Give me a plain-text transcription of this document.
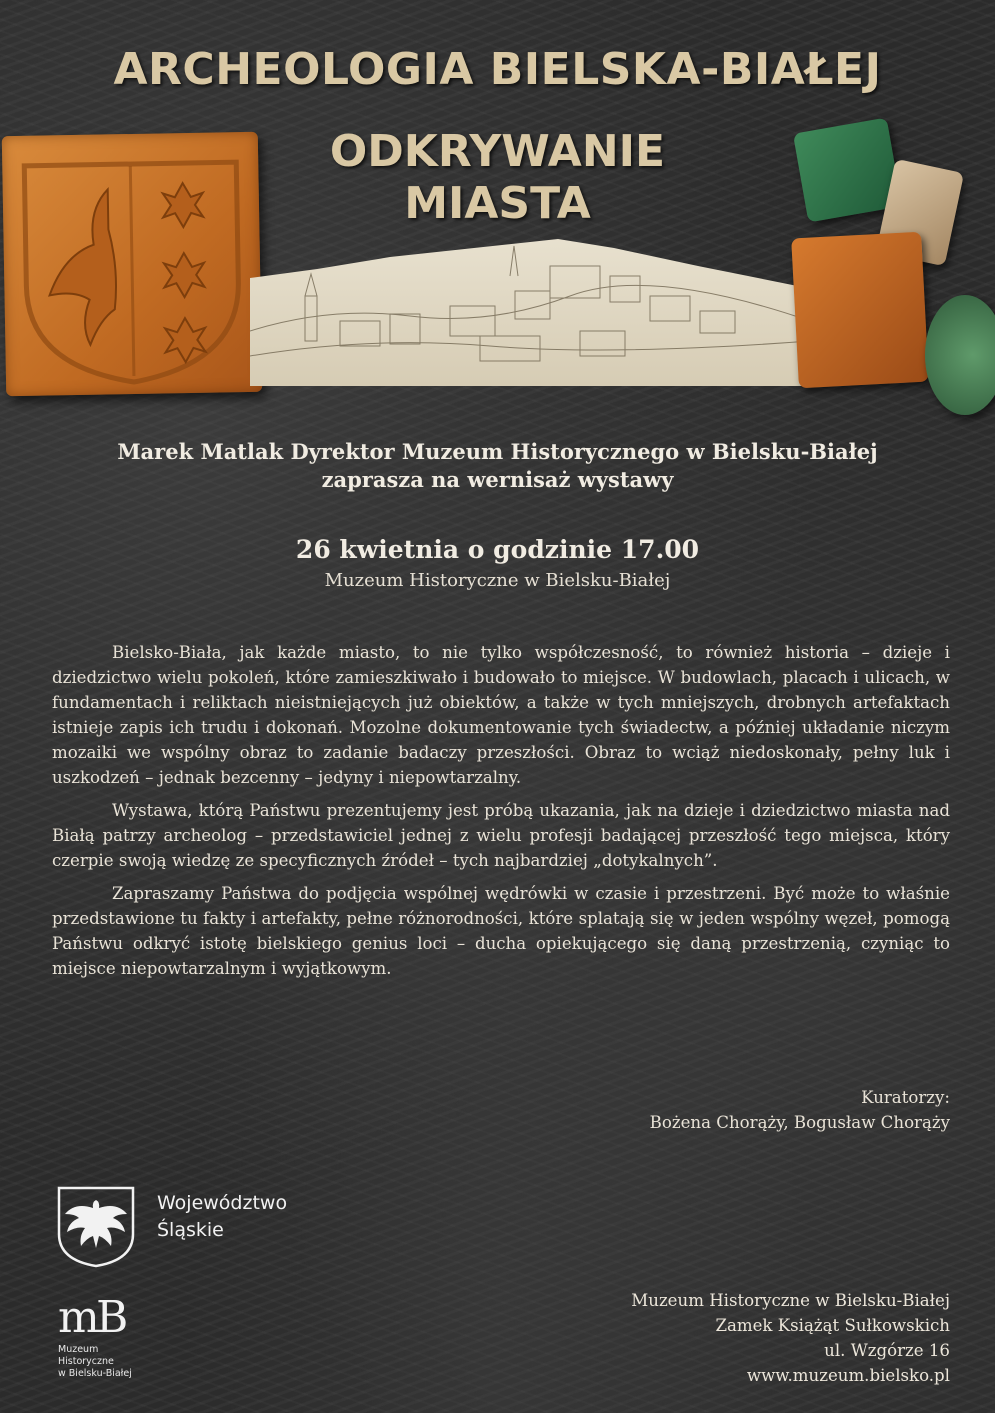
ARCHEOLOGIA BIELSKA-BIAŁEJ
ODKRYWANIE
MIASTA
Marek Matlak Dyrektor Muzeum Historycznego w Bielsku-Białej
zaprasza na wernisaż wystawy
26 kwietnia o godzinie 17.00
Muzeum Historyczne w Bielsku-Białej

Bielsko-Biała, jak każde miasto, to nie tylko współczesność, to również historia – dzieje i dziedzictwo wielu pokoleń, które zamieszkiwało i budowało to miejsce. W budowlach, placach i ulicach, w fundamentach i reliktach nieistniejących już obiektów, a także w tych mniejszych, drobnych artefaktach istnieje zapis ich trudu i dokonań. Mozolne dokumentowanie tych świadectw, a później układanie niczym mozaiki we wspólny obraz to zadanie badaczy przeszłości. Obraz to wciąż niedoskonały, pełny luk i uszkodzeń – jednak bezcenny – jedyny i niepowtarzalny.

Wystawa, którą Państwu prezentujemy jest próbą ukazania, jak na dzieje i dziedzictwo miasta nad Białą patrzy archeolog – przedstawiciel jednej z wielu profesji badającej przeszłość tego miejsca, który czerpie swoją wiedzę ze specyficznych źródeł – tych najbardziej „dotykalnych”.

Zapraszamy Państwa do podjęcia wspólnej wędrówki w czasie i przestrzeni. Być może to właśnie przedstawione tu fakty i artefakty, pełne różnorodności, które splatają się w jeden wspólny węzeł, pomogą Państwu odkryć istotę bielskiego genius loci – ducha opiekującego się daną przestrzenią, czyniąc to miejsce niepowtarzalnym i wyjątkowym.

Kuratorzy:
Bożena Chorąży, Bogusław Chorąży
Województwo
Śląskie
m
B
Muzeum
Historyczne
w Bielsku-Białej
Muzeum Historyczne w Bielsku-Białej
Zamek Książąt Sułkowskich
ul. Wzgórze 16
www.muzeum.bielsko.pl
